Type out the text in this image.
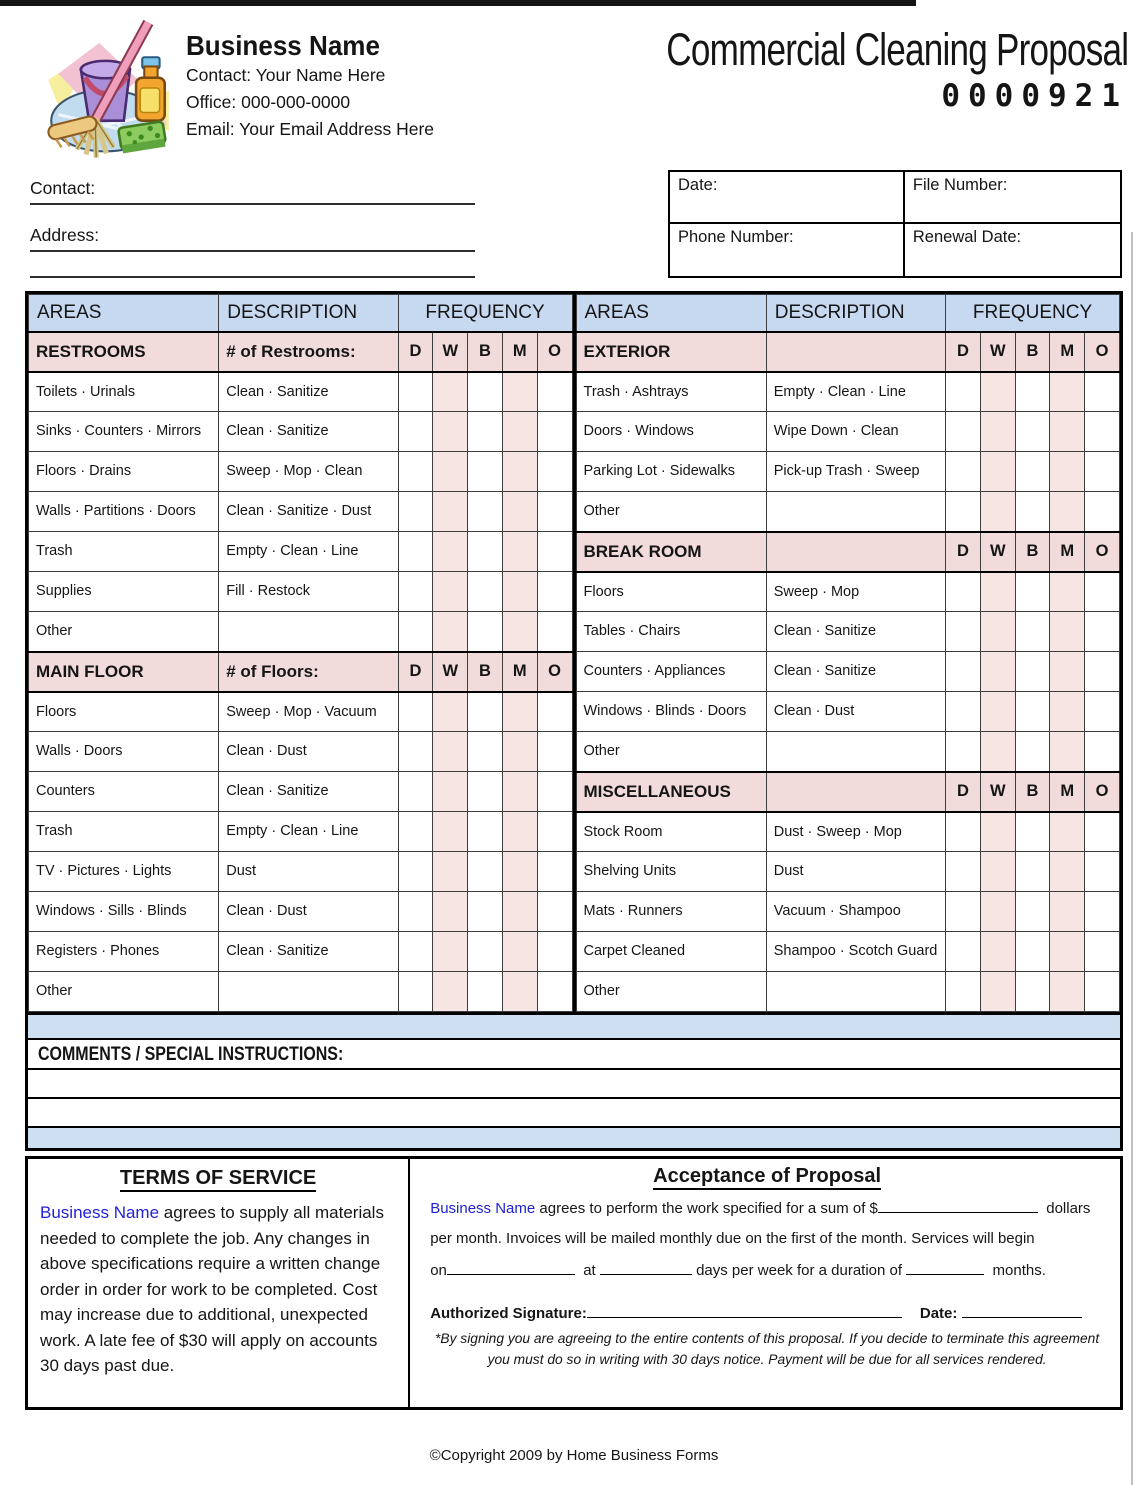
Business Name
Contact: Your Name Here
Office: 000-000-0000
Email: Your Email Address Here
Commercial Cleaning Proposal
0000921
Contact:
Address:
Date:	File Number:
Phone Number:	Renewal Date:
AREAS	DESCRIPTION	FREQUENCY				
RESTROOMS	# of Restrooms:	D	W	B	M	O
Toilets · Urinals	Clean · Sanitize					
Sinks · Counters · Mirrors	Clean · Sanitize					
Floors · Drains	Sweep · Mop · Clean					
Walls · Partitions · Doors	Clean · Sanitize · Dust					
Trash	Empty · Clean · Line					
Supplies	Fill · Restock					
Other						
MAIN FLOOR	# of Floors:	D	W	B	M	O
Floors	Sweep · Mop · Vacuum					
Walls · Doors	Clean · Dust					
Counters	Clean · Sanitize					
Trash	Empty · Clean · Line					
TV · Pictures · Lights	Dust					
Windows · Sills · Blinds	Clean · Dust					
Registers · Phones	Clean · Sanitize					
Other						
AREAS	DESCRIPTION	FREQUENCY				
EXTERIOR		D	W	B	M	O
Trash · Ashtrays	Empty · Clean · Line					
Doors · Windows	Wipe Down · Clean					
Parking Lot · Sidewalks	Pick-up Trash · Sweep					
Other						
BREAK ROOM		D	W	B	M	O
Floors	Sweep · Mop					
Tables · Chairs	Clean · Sanitize					
Counters · Appliances	Clean · Sanitize					
Windows · Blinds · Doors	Clean · Dust					
Other						
MISCELLANEOUS		D	W	B	M	O
Stock Room	Dust · Sweep · Mop					
Shelving Units	Dust					
Mats · Runners	Vacuum · Shampoo					
Carpet Cleaned	Shampoo · Scotch Guard					
Other						
COMMENTS / SPECIAL INSTRUCTIONS:
TERMS OF SERVICE

Business Name agrees to supply all materials needed to complete the job. Any changes in above specifications require a written change order in order for work to be completed. Cost may increase due to additional, unexpected work. A late fee of $30 will apply on accounts 30 days past due.

Acceptance of Proposal
Business Name agrees to perform the work specified for a sum of $	dollars
per month. Invoices will be mailed monthly due on the first of the month. Services will begin
on	at	days per week for a duration of	months.
Authorized Signature:	Date:
*By signing you are agreeing to the entire contents of this proposal. If you decide to terminate this agreement
you must do so in writing with 30 days notice. Payment will be due for all services rendered.
©Copyright 2009 by Home Business Forms
